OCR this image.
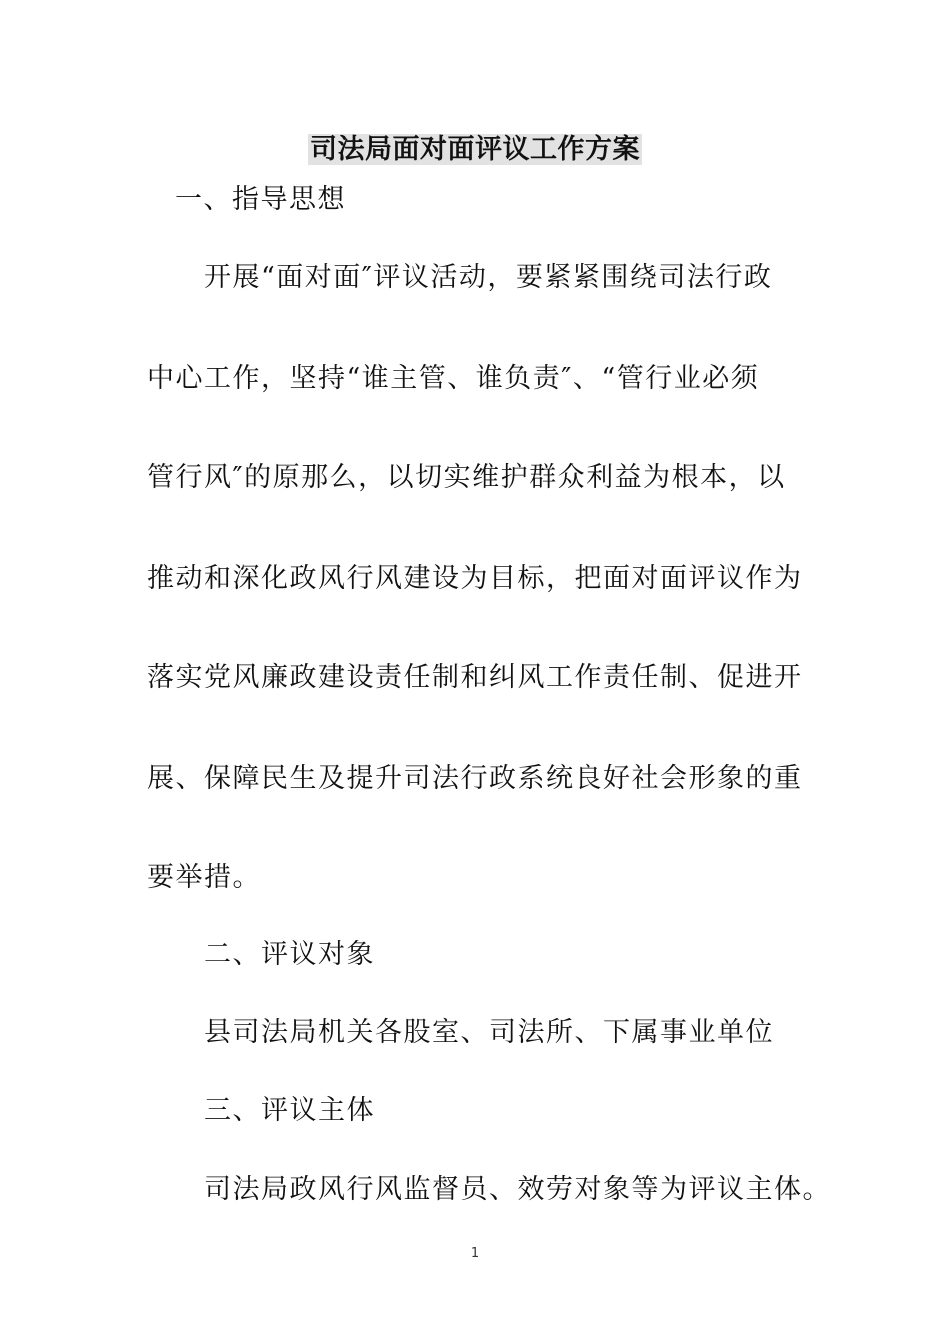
司法局面对面评议工作方案
一、指导思想
开展“面对面″评议活动，要紧紧围绕司法行政
中心工作，坚持“谁主管、谁负责″、“管行业必须
管行风″的原那么，以切实维护群众利益为根本，以
推动和深化政风行风建设为目标，把面对面评议作为
落实党风廉政建设责任制和纠风工作责任制、促进开
展、保障民生及提升司法行政系统良好社会形象的重
要举措。
二、评议对象
县司法局机关各股室、司法所、下属事业单位
三、评议主体
司法局政风行风监督员、效劳对象等为评议主体。
1
